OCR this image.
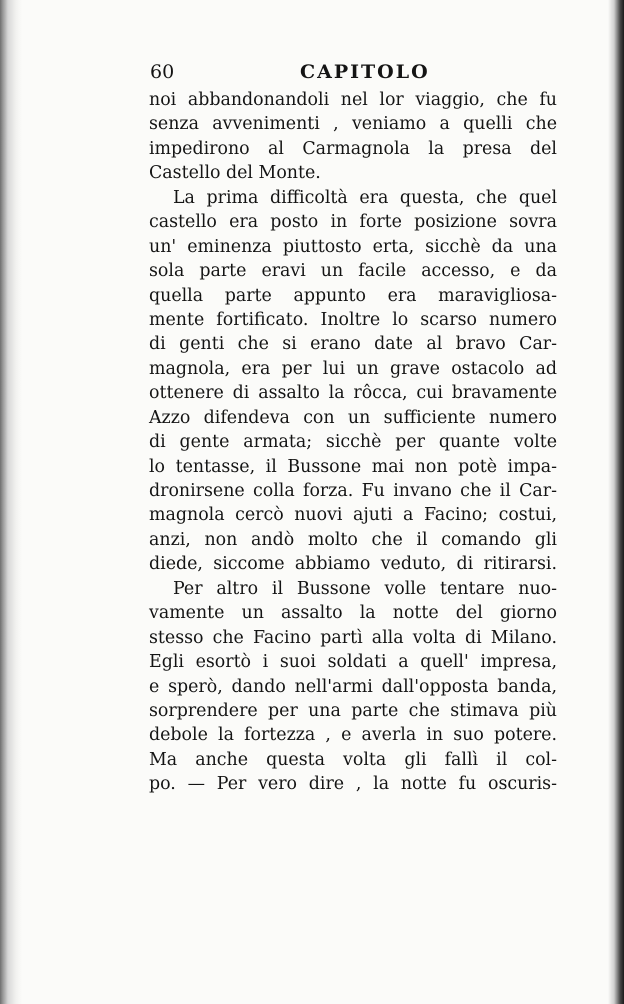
60	CAPITOLO
noi abbandonandoli nel lor viaggio, che fu
senza avvenimenti , veniamo a quelli che
impedirono al Carmagnola la presa del
Castello del Monte.
La prima difficoltà era questa, che quel
castello era posto in forte posizione sovra
un' eminenza piuttosto erta, sicchè da una
sola parte eravi un facile accesso, e da
quella parte appunto era maravigliosa-
mente fortificato. Inoltre lo scarso numero
di genti che si erano date al bravo Car-
magnola, era per lui un grave ostacolo ad
ottenere di assalto la rôcca, cui bravamente
Azzo difendeva con un sufficiente numero
di gente armata; sicchè per quante volte
lo tentasse, il Bussone mai non potè impa-
dronirsene colla forza. Fu invano che il Car-
magnola cercò nuovi ajuti a Facino; costui,
anzi, non andò molto che il comando gli
diede, siccome abbiamo veduto, di ritirarsi.
Per altro il Bussone volle tentare nuo-
vamente un assalto la notte del giorno
stesso che Facino partì alla volta di Milano.
Egli esortò i suoi soldati a quell' impresa,
e sperò, dando nell'armi dall'opposta banda,
sorprendere per una parte che stimava più
debole la fortezza , e averla in suo potere.
Ma anche questa volta gli fallì il col-
po. — Per vero dire , la notte fu oscuris-
